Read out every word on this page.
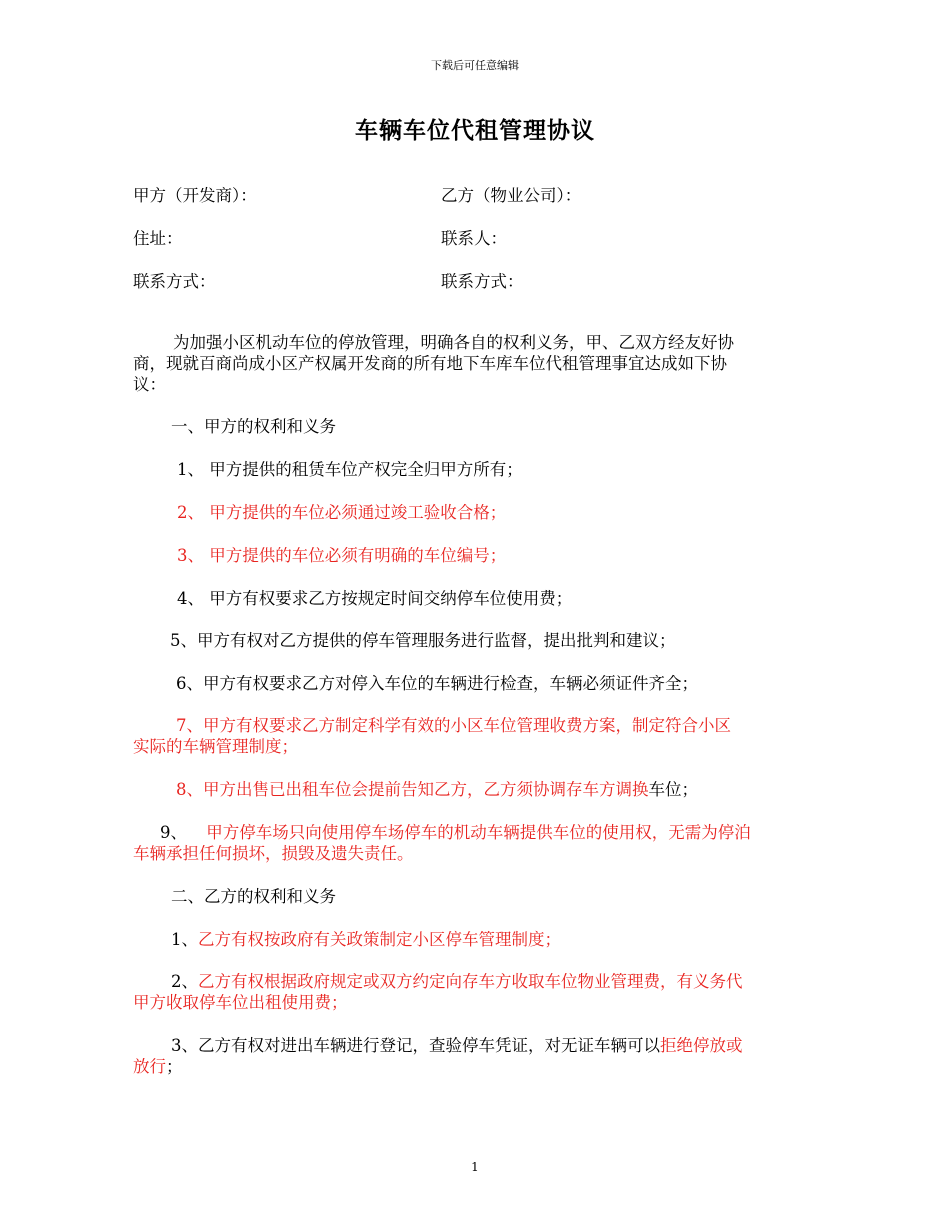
下载后可任意编辑
车辆车位代租管理协议
甲方（开发商）：	乙方（物业公司）：
住址：	联系人：
联系方式：	联系方式：
为加强小区机动车位的停放管理，明确各自的权利义务，甲、乙双方经友好协
商，现就百商尚成小区产权属开发商的所有地下车库车位代租管理事宜达成如下协
议：
一、甲方的权利和义务
1、 甲方提供的租赁车位产权完全归甲方所有；
2、 甲方提供的车位必须通过竣工验收合格；
3、 甲方提供的车位必须有明确的车位编号；
4、 甲方有权要求乙方按规定时间交纳停车位使用费；
5、甲方有权对乙方提供的停车管理服务进行监督，提出批判和建议；
6、甲方有权要求乙方对停入车位的车辆进行检查，车辆必须证件齐全；
7、甲方有权要求乙方制定科学有效的小区车位管理收费方案，制定符合小区
实际的车辆管理制度；
8、甲方出售已出租车位会提前告知乙方，乙方须协调存车方调换车位；
9、 甲方停车场只向使用停车场停车的机动车辆提供车位的使用权，无需为停泊
车辆承担任何损坏，损毁及遗失责任。
二、乙方的权利和义务
1、乙方有权按政府有关政策制定小区停车管理制度；
2、乙方有权根据政府规定或双方约定向存车方收取车位物业管理费，有义务代
甲方收取停车位出租使用费；
3、乙方有权对进出车辆进行登记，查验停车凭证，对无证车辆可以拒绝停放或
放行；
1
